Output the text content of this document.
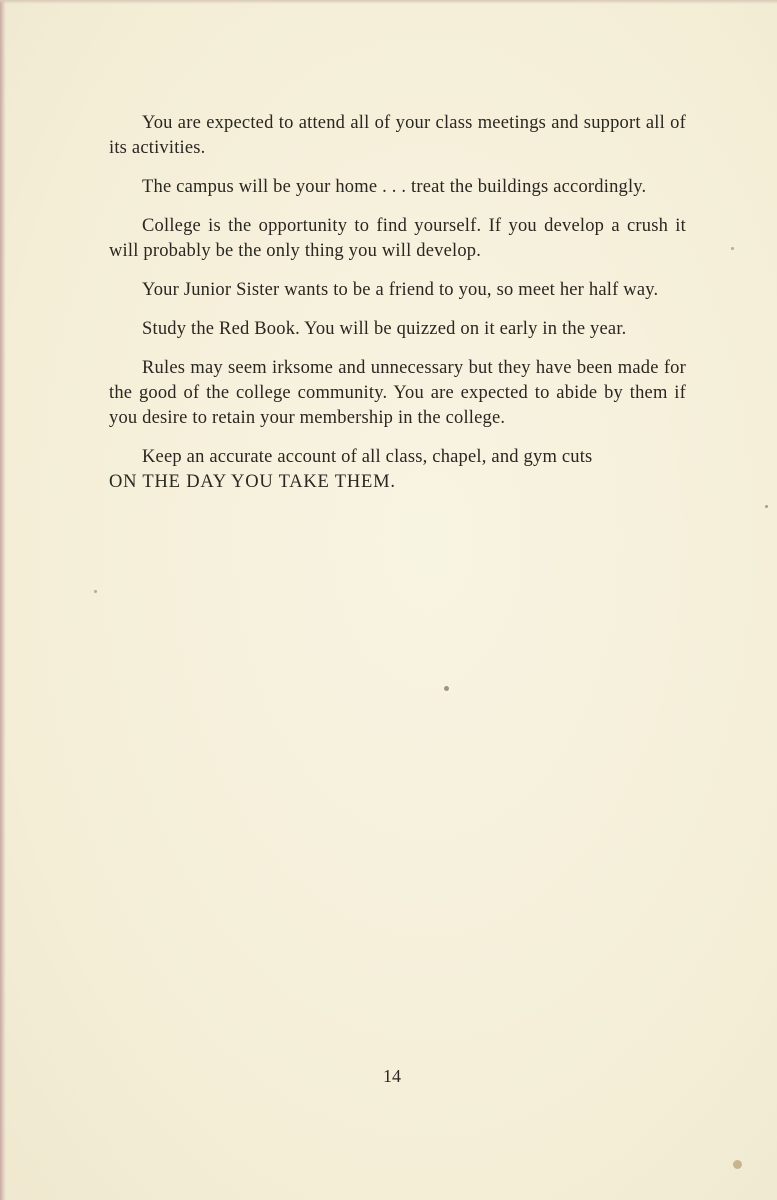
You are expected to attend all of your class meetings and support all of its activities.

The campus will be your home . . . treat the buildings accordingly.

College is the opportunity to find yourself. If you develop a crush it will probably be the only thing you will develop.

Your Junior Sister wants to be a friend to you, so meet her half way.

Study the Red Book. You will be quizzed on it early in the year.

Rules may seem irksome and unnecessary but they have been made for the good of the college community. You are expected to abide by them if you desire to retain your membership in the college.

Keep an accurate account of all class, chapel, and gym cuts
ON THE DAY YOU TAKE THEM.

14
